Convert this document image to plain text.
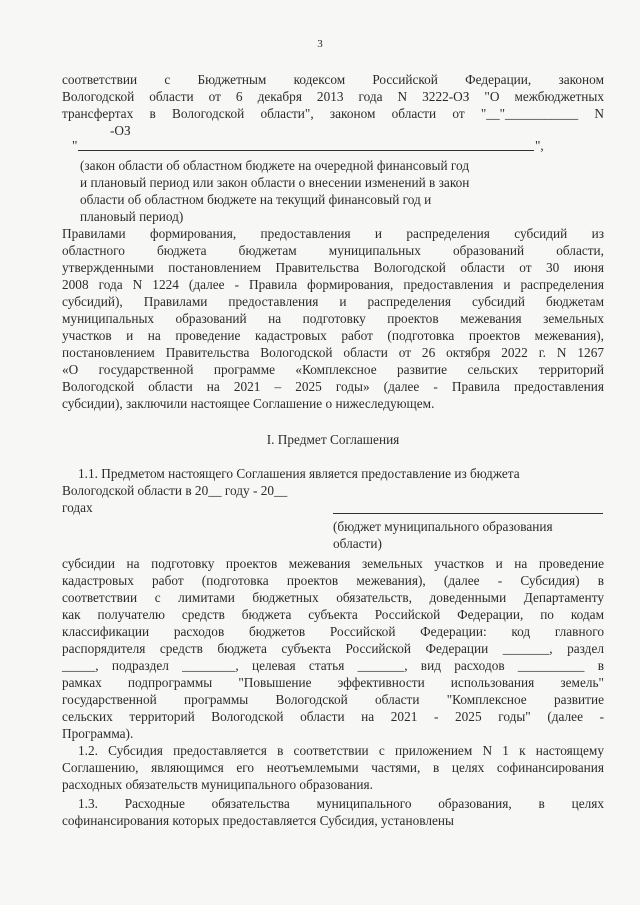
3
соответствии с Бюджетным кодексом Российской Федерации, законом
Вологодской области от 6 декабря 2013 года N 3222-ОЗ "О межбюджетных
трансфертах в Вологодской области", законом области от "__"___________ N
-ОЗ
"	",
(закон области об областном бюджете на очередной финансовый год
и плановый период или закон области о внесении изменений в закон
области об областном бюджете на текущий финансовый год и
плановый период)
Правилами формирования, предоставления и распределения субсидий из
областного бюджета бюджетам муниципальных образований области,
утвержденными постановлением Правительства Вологодской области от 30 июня
2008 года N 1224 (далее - Правила формирования, предоставления и распределения
субсидий), Правилами предоставления и распределения субсидий бюджетам
муниципальных образований на подготовку проектов межевания земельных
участков и на проведение кадастровых работ (подготовка проектов межевания),
постановлением Правительства Вологодской области от 26 октября 2022 г. N 1267
«О государственной программе «Комплексное развитие сельских территорий
Вологодской области на 2021 – 2025 годы» (далее - Правила предоставления
субсидии), заключили настоящее Соглашение о нижеследующем.
I. Предмет Соглашения
1.1. Предметом настоящего Соглашения является предоставление из бюджета
Вологодской области в 20__ году - 20__
годах
(бюджет муниципального образования
области)
субсидии на подготовку проектов межевания земельных участков и на проведение
кадастровых работ (подготовка проектов межевания), (далее - Субсидия) в
соответствии с лимитами бюджетных обязательств, доведенными Департаменту
как получателю средств бюджета субъекта Российской Федерации, по кодам
классификации расходов бюджетов Российской Федерации: код главного
распорядителя средств бюджета субъекта Российской Федерации _______, раздел
_____, подраздел ________, целевая статья _______, вид расходов __________ в
рамках подпрограммы "Повышение эффективности использования земель"
государственной программы Вологодской области "Комплексное развитие
сельских территорий Вологодской области на 2021 - 2025 годы" (далее -
Программа).
1.2. Субсидия предоставляется в соответствии с приложением N 1 к настоящему
Соглашению, являющимся его неотъемлемыми частями, в целях софинансирования
расходных обязательств муниципального образования.
1.3. Расходные обязательства муниципального образования, в целях
софинансирования которых предоставляется Субсидия, установлены
